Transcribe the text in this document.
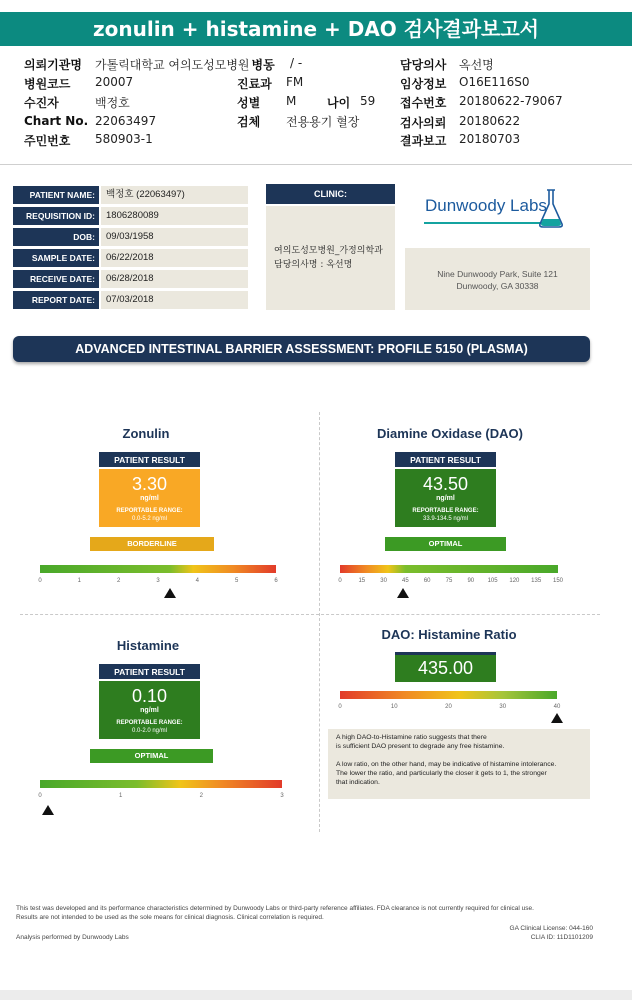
zonulin + histamine + DAO 검사결과보고서
의뢰기관명 가톨릭대학교 여의도성모병원 병동 / -	담당의사 옥선명
병원코드 20007	진료과 FM	임상정보 O16E116S0
수진자	백정호	성별 M	나이 59 접수번호 20180622-79067
Chart No. 22063497	검체 전용용기 혈장	검사의뢰 20180622
주민번호 580903-1	결과보고 20180703
PATIENT NAME:	백정호 (22063497)
REQUISITION ID:	1806280089
DOB:	09/03/1958
SAMPLE DATE:	06/22/2018
RECEIVE DATE:	06/28/2018
REPORT DATE:	07/03/2018
CLINIC:
여의도성모병원_가정의학과
담당의사명 : 옥선명
Dunwoody Labs
Nine Dunwoody Park, Suite 121
Dunwoody, GA 30338
ADVANCED INTESTINAL BARRIER ASSESSMENT: PROFILE 5150 (PLASMA)
Zonulin
PATIENT RESULT
3.30
ng/ml
REPORTABLE RANGE:
0.0-5.2 ng/ml
BORDERLINE
0	1	2	3	4	5	6
Diamine Oxidase (DAO)
PATIENT RESULT
43.50
ng/ml
REPORTABLE RANGE:
33.9-134.5 ng/ml
OPTIMAL
0	15	30	45	60	75	90 105 120 135 150
Histamine
PATIENT RESULT
0.10
ng/ml
REPORTABLE RANGE:
0.0-2.0 ng/ml
OPTIMAL
0	1	2	3
DAO: Histamine Ratio
435.00
0	10	20	30	40
A high DAO-to-Histamine ratio suggests that there
is sufficient DAO present to degrade any free histamine.
A low ratio, on the other hand, may be indicative of histamine intolerance.
The lower the ratio, and particularly the closer it gets to 1, the stronger
that indication.
This test was developed and its performance characteristics determined by Dunwoody Labs or third-party reference affiliates. FDA clearance is not currently required for clinical use.
Results are not intended to be used as the sole means for clinical diagnosis. Clinical correlation is required.
Analysis performed by Dunwoody Labs
GA Clinical License: 044-160
CLIA ID: 11D1101209
